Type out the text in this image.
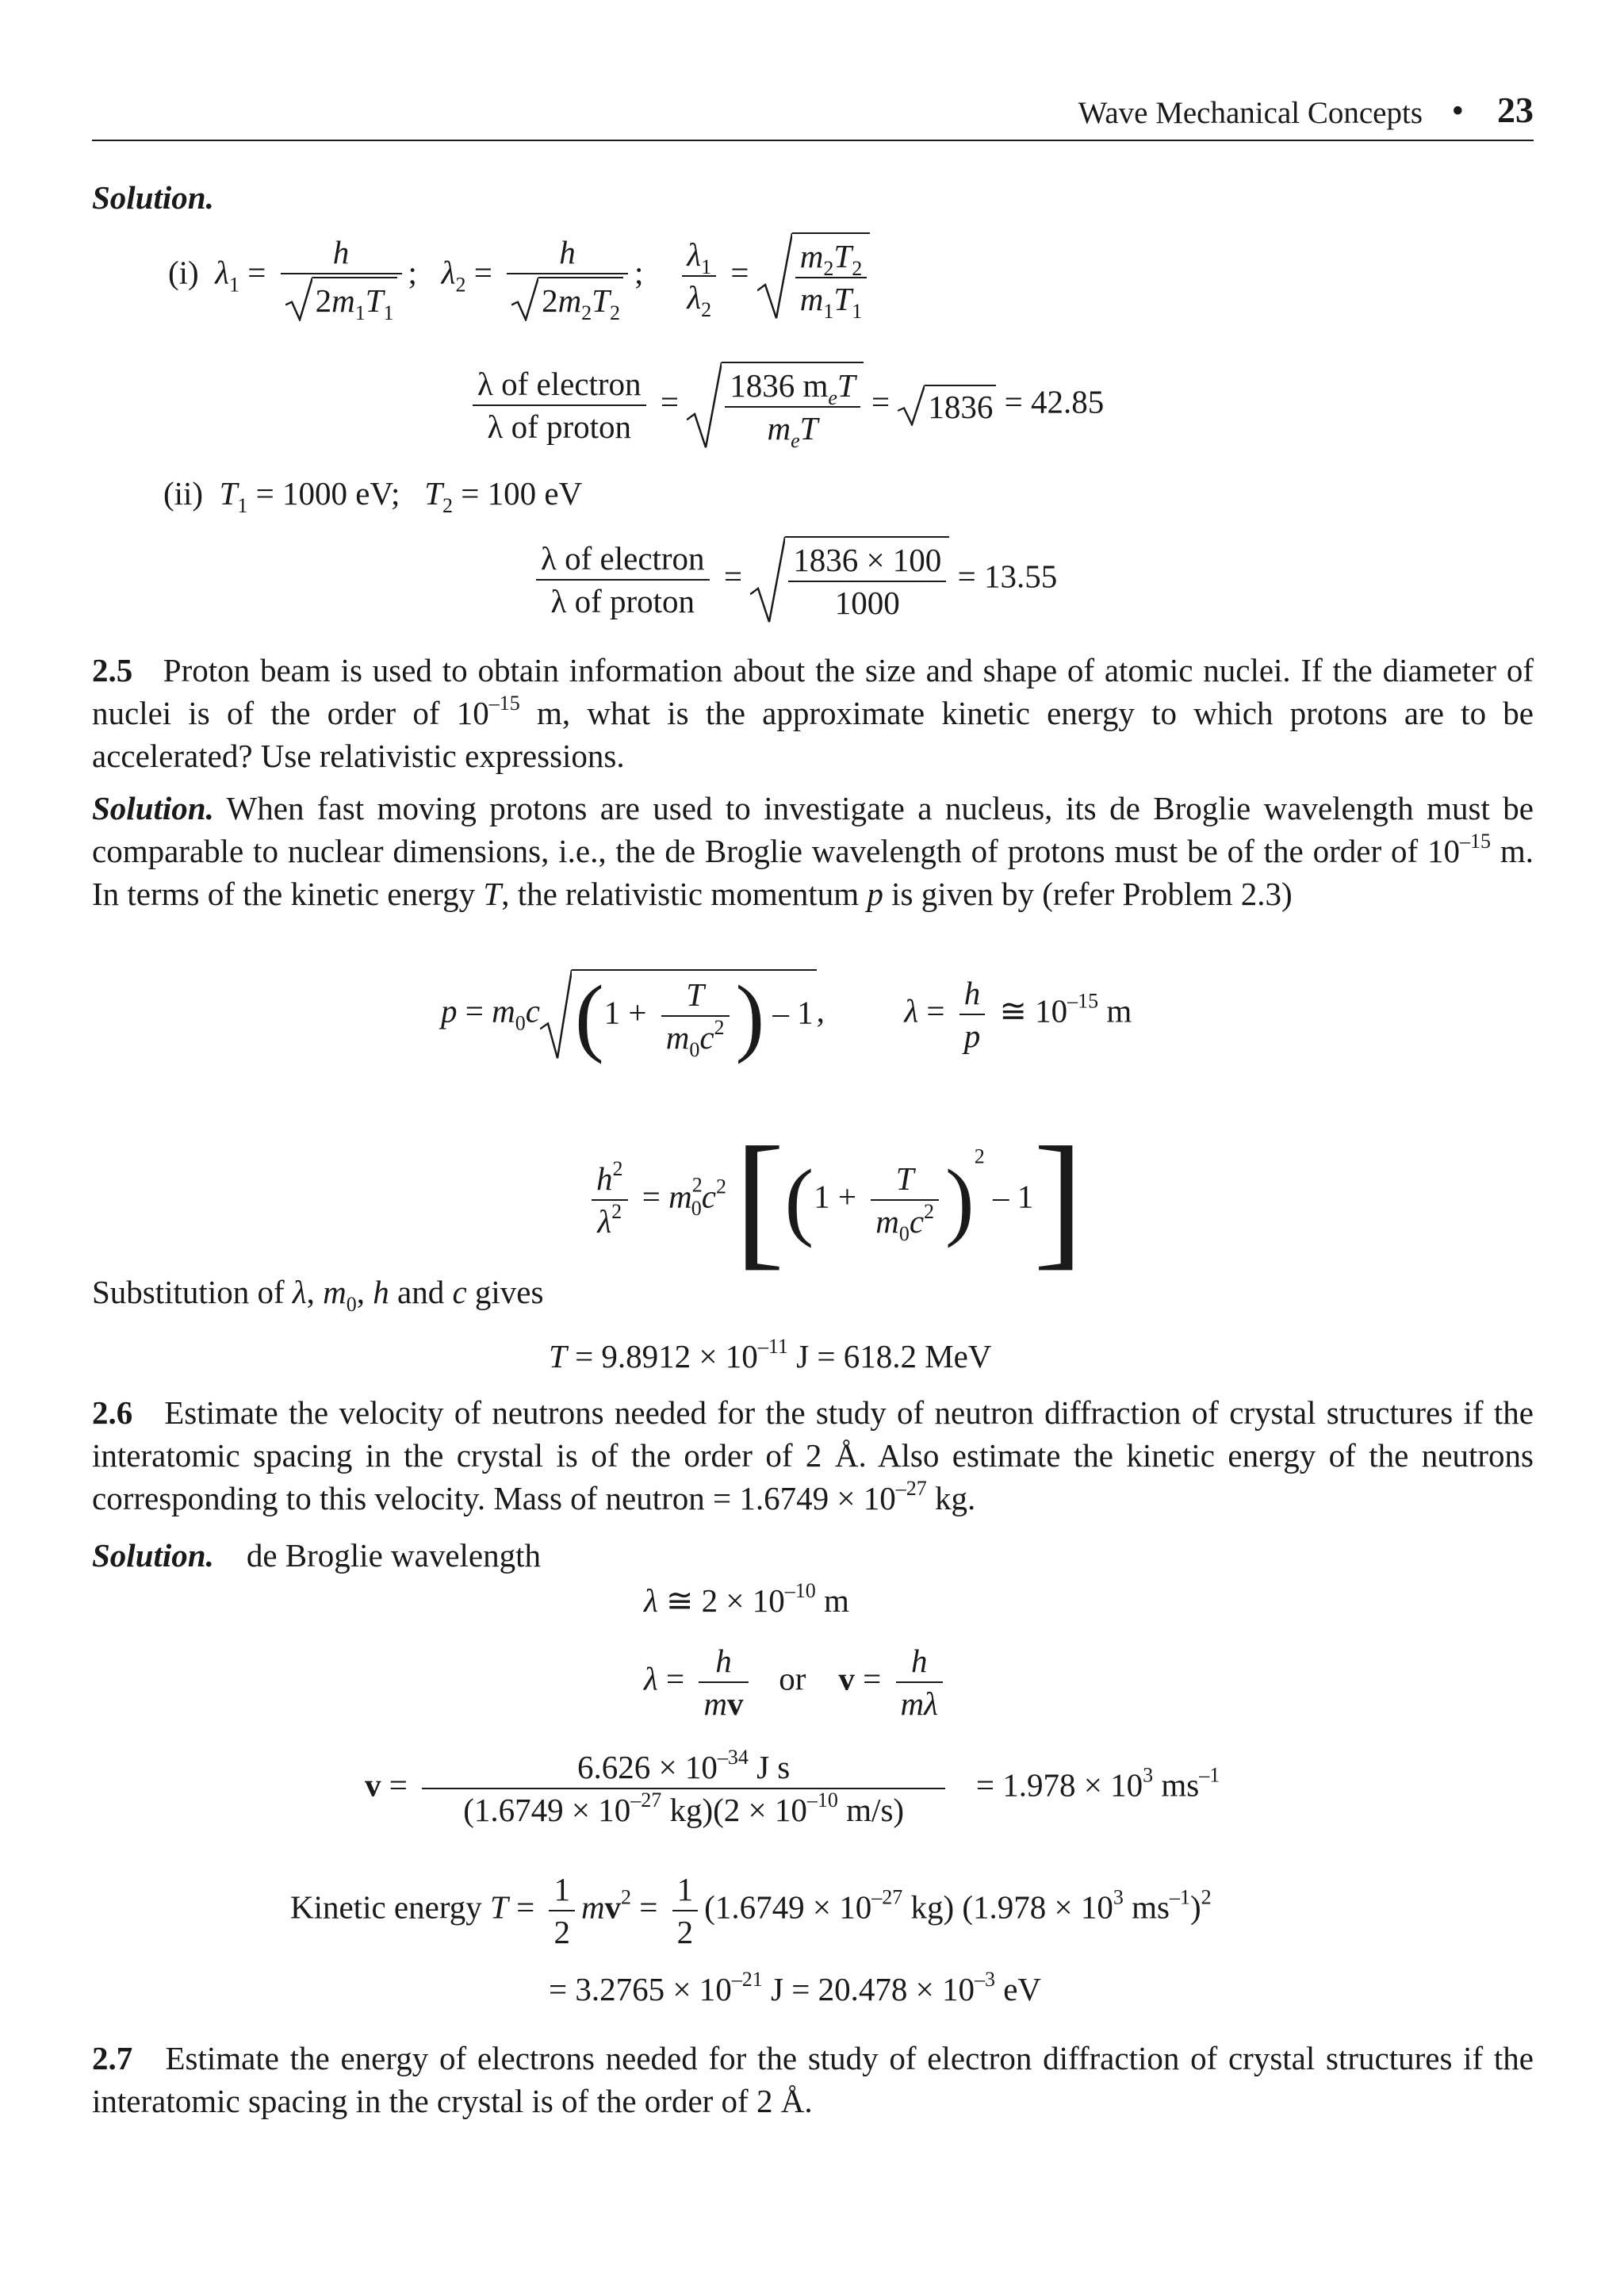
Wave Mechanical Concepts • 23
Solution.
(i)  $\lambda_1 = \frac{h}{2m_1T_1}$ ;   $\lambda_2 = \frac{h}{2m_2T_2}$ ; $\frac{\lambda_1}{\lambda_2} = \frac{m_2T_2}{m_1T_1}$
λ of electron
λ of proton
= 1836 $m_eT$
$m_eT$
=
1836 = 42.85
(ii) $T_1 = 1000$ eV; $T_2 = 100$ eV
λ of electron
λ of proton
= $\frac{1836 \times 100}{1000} = 13.55$
2.5 Proton beam is used to obtain information about the size and shape of atomic nuclei. If the diameter of nuclei is of the order of $10^{-15}$ m, what is the approximate kinetic energy to which protons are to be accelerated? Use relativistic expressions.
Solution. When fast moving protons are used to investigate a nucleus, its de Broglie wavelength must be comparable to nuclear dimensions, i.e., the de Broglie wavelength of protons must be of the order of $10^{-15}$ m. In terms of the kinetic energy T, the relativistic momentum p is given by (refer Problem 2.3)
$p = m_0c$ ($1 + \frac{T}{m_0c^2}$ ) – 1,  $\lambda = \frac{h}{p}$ ≅ $10^{-15}$ m
$\frac{h^2}{\lambda^2} = m^2_0c^2$ $[(1 + \frac{T}{m_0c^2} )^2 - 1]$
Substitution of λ, $m_0$, h and c gives
$T = 9.8912 \times 10^{-11}$ J = 618.2 MeV
2.6 Estimate the velocity of neutrons needed for the study of neutron diffraction of crystal structures if the interatomic spacing in the crystal is of the order of 2 Å. Also estimate the kinetic energy of the neutrons corresponding to this velocity. Mass of neutron = $1.6749 \times 10^{-27}$ kg.
Solution.    de Broglie wavelength
λ ≅ $2 \times 10^{-10}$ m
$\lambda = \frac{h}{mv}$ or $v = \frac{h}{m\lambda}$
$v = \frac{6.626 \times 10^{-34} J s}{(1.6749 \times 10^{-27} kg)(2 \times 10^{-10} m/s)} = 1.978 \times 10^3$ $ms^{-1}$
Kinetic energy $T = \frac{1}{2} mv^2 = \frac{1}{2} (1.6749 \times 10^{-27}$ kg) ($1.978 \times 10^3$ $ms^{-1})^2$
= $3.2765 \times 10^{-21}$ $J = 20.478 \times 10^{-3}$ eV
2.7 Estimate the energy of electrons needed for the study of electron diffraction of crystal structures if the interatomic spacing in the crystal is of the order of 2 Å.
